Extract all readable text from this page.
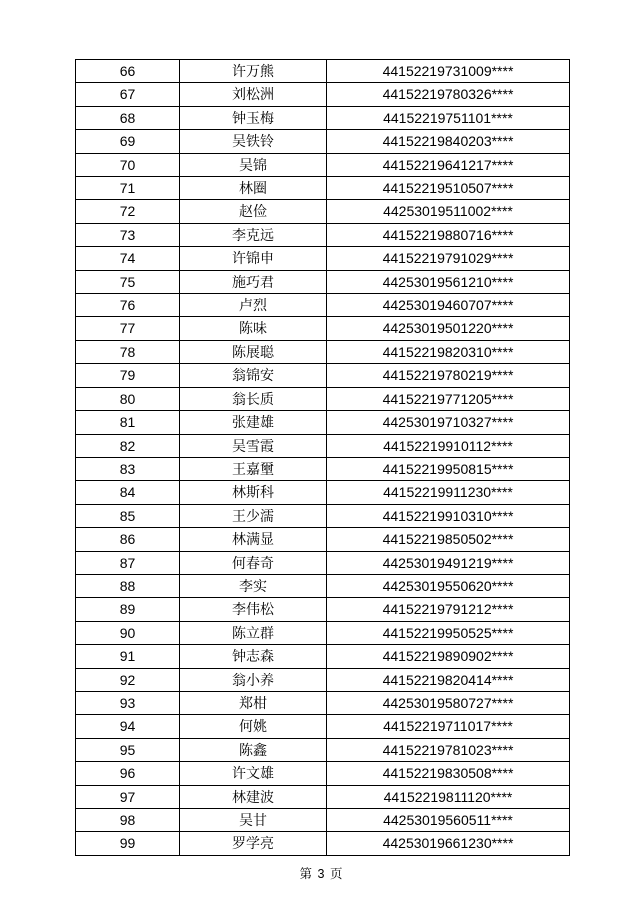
66	许万熊	44152219731009****
67	刘松洲	44152219780326****
68	钟玉梅	44152219751101****
69	吴铁铃	44152219840203****
70	吴锦	44152219641217****
71	林圈	44152219510507****
72	赵俭	44253019511002****
73	李克远	44152219880716****
74	许锦申	44152219791029****
75	施巧君	44253019561210****
76	卢烈	44253019460707****
77	陈味	44253019501220****
78	陈展聪	44152219820310****
79	翁锦安	44152219780219****
80	翁长质	44152219771205****
81	张建雄	44253019710327****
82	吴雪霞	44152219910112****
83	王嘉壐	44152219950815****
84	林斯科	44152219911230****
85	王少濡	44152219910310****
86	林满显	44152219850502****
87	何春奇	44253019491219****
88	李实	44253019550620****
89	李伟松	44152219791212****
90	陈立群	44152219950525****
91	钟志森	44152219890902****
92	翁小养	44152219820414****
93	郑柑	44253019580727****
94	何姚	44152219711017****
95	陈鑫	44152219781023****
96	许文雄	44152219830508****
97	林建波	44152219811120****
98	吴甘	44253019560511****
99	罗学亮	44253019661230****
第 3 页
